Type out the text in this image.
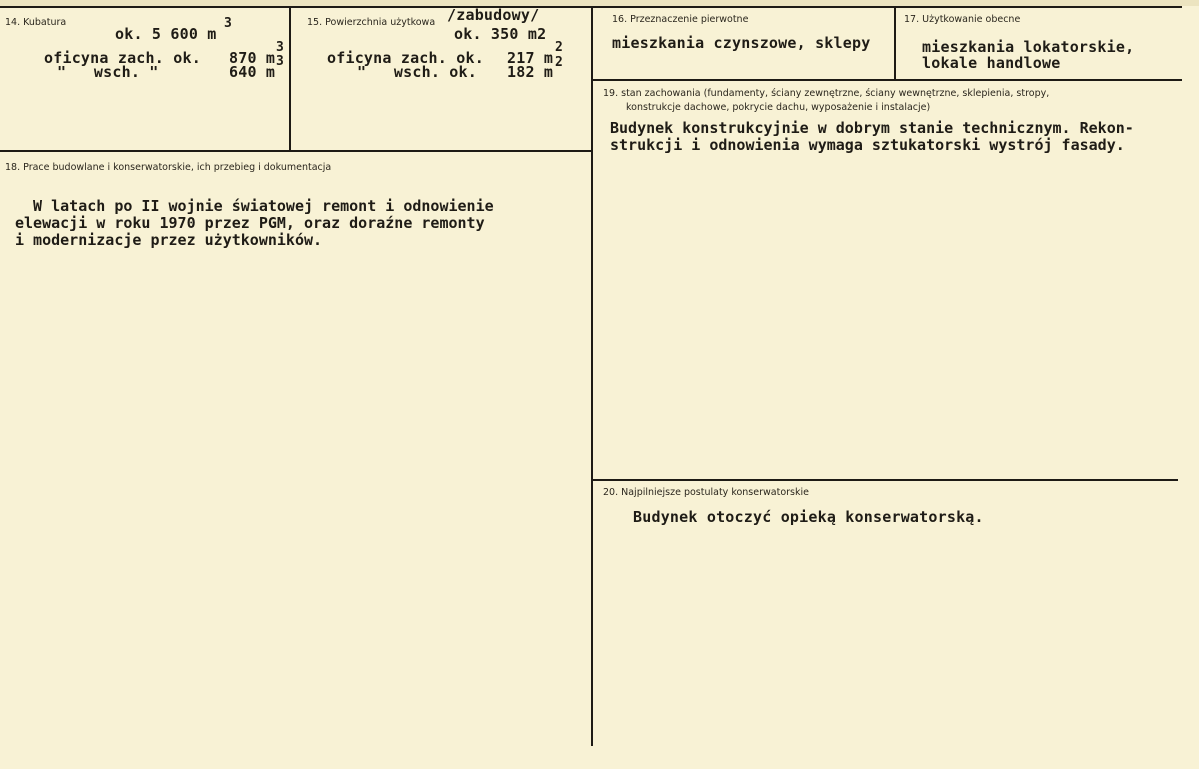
14. Kubatura
ok. 5 600 m
3
oficyna zach. ok. 870 m
3
"   wsch. "	640 m
3
15. Powierzchnia użytkowa /zabudowy/
ok. 350 m2
oficyna zach. ok. 217 m
2
"   wsch. ok. 182 m
2
16. Przeznaczenie pierwotne
mieszkania czynszowe, sklepy
17. Użytkowanie obecne
mieszkania lokatorskie,
lokale handlowe
18. Prace budowlane i konserwatorskie, ich przebieg i dokumentacja
W latach po II wojnie światowej remont i odnowienie
elewacji w roku 1970 przez PGM, oraz doraźne remonty
i modernizacje przez użytkowników.
19. stan zachowania (fundamenty, ściany zewnętrzne, ściany wewnętrzne, sklepienia, stropy,
konstrukcje dachowe, pokrycie dachu, wyposażenie i instalacje)
Budynek konstrukcyjnie w dobrym stanie technicznym. Rekon-
strukcji i odnowienia wymaga sztukatorski wystrój fasady.
20. Najpilniejsze postulaty konserwatorskie
Budynek otoczyć opieką konserwatorską.
